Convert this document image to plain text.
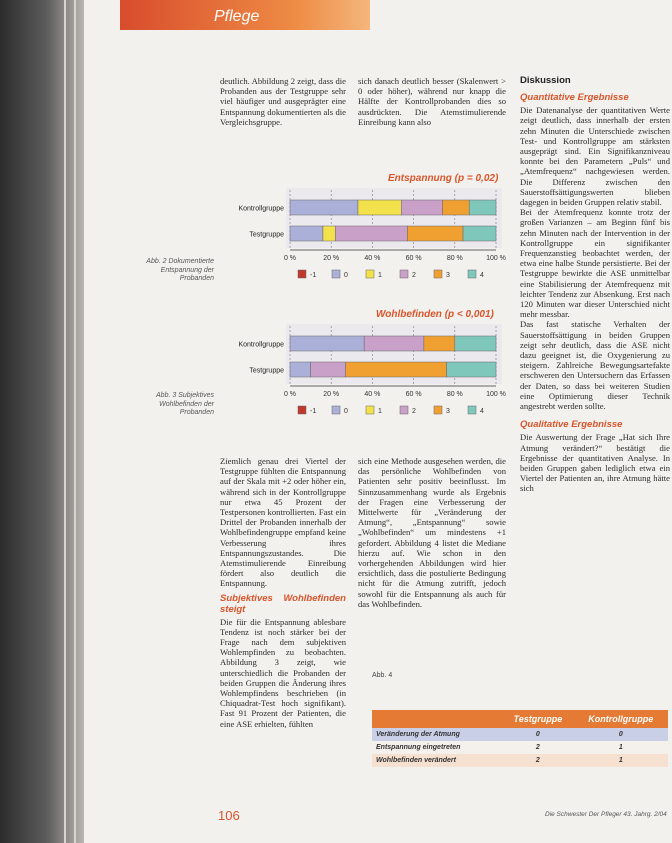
Pflege

deutlich. Abbildung 2 zeigt, dass die Probanden aus der Testgruppe sehr viel häufiger und ausgeprägter eine Entspannung dokumentierten als die Vergleichsgruppe.

sich danach deutlich besser (Skalenwert > 0 oder höher), während nur knapp die Hälfte der Kontrollprobanden dies so ausdrückten. Die Atemstimulierende Einreibung kann also

Abb. 2 Dokumentierte Entspannung der Probanden
Abb. 3 Subjektives Wohlbefinden der Probanden
Entspannung (p = 0,02)
0 %	20 %	40 %	60 %	80 %	100 %
Kontrollgruppe
Testgruppe
-1	0	1	2	3	4
Wohlbefinden (p < 0,001)
0 %	20 %	40 %	60 %	80 %	100 %
Kontrollgruppe
Testgruppe
-1	0	1	2	3	4

Ziemlich genau drei Viertel der Testgruppe fühlten die Entspannung auf der Skala mit +2 oder höher ein, während sich in der Kontrollgruppe nur etwa 45 Prozent der Testpersonen kontrollierten. Fast ein Drittel der Probanden innerhalb der Wohlbefindengruppe empfand keine Verbesserung ihres Entspannungszustandes. Die Atemstimulierende Einreibung fördert also deutlich die Entspannung.

Subjektives Wohlbefinden steigt

Die für die Entspannung ablesbare Tendenz ist noch stärker bei der Frage nach dem subjektiven Wohlempfinden zu beobachten. Abbildung 3 zeigt, wie unterschiedlich die Probanden der beiden Gruppen die Änderung ihres Wohlempfindens beschrieben (in Chiquadrat-Test hoch signifikant). Fast 91 Prozent der Patienten, die eine ASE erhielten, fühlten

sich eine Methode ausgesehen werden, die das persönliche Wohlbefinden von Patienten sehr positiv beeinflusst. Im Sinnzusammenhang wurde als Ergebnis der Fragen eine Verbesserung der Mittelwerte für „Veränderung der Atmung“, „Entspannung“ sowie „Wohlbefinden“ um mindestens +1 gefordert. Abbildung 4 listet die Mediane hierzu auf. Wie schon in den vorhergehenden Abbildungen wird hier ersichtlich, dass die postulierte Bedingung nicht für die Atmung zutrifft, jedoch sowohl für die Entspannung als auch für das Wohlbefinden.

Diskussion
Quantitative Ergebnisse

Die Datenanalyse der quantitativen Werte zeigt deutlich, dass innerhalb der ersten zehn Minuten die Unterschiede zwischen Test- und Kontrollgruppe am stärksten ausgeprägt sind. Ein Signifikanzniveau konnte bei den Parametern „Puls“ und „Atemfrequenz“ nachgewiesen werden. Die Differenz zwischen den Sauerstoffsättigungswerten blieben dagegen in beiden Gruppen relativ stabil.

Bei der Atemfrequenz konnte trotz der großen Varianzen – am Beginn fünf bis zehn Minuten nach der Intervention in der Kontrollgruppe ein signifikanter Frequenzanstieg beobachtet werden, der etwa eine halbe Stunde persistierte. Bei der Testgruppe bewirkte die ASE unmittelbar eine Stabilisierung der Atemfrequenz mit leichter Tendenz zur Absenkung. Erst nach 120 Minuten war dieser Unterschied nicht mehr messbar.

Das fast statische Verhalten der Sauerstoffsättigung in beiden Gruppen zeigt sehr deutlich, dass die ASE nicht dazu geeignet ist, die Oxygenierung zu steigern. Zahlreiche Bewegungsartefakte erschweren den Untersuchern das Erfassen der Daten, so dass bei weiteren Studien eine Optimierung dieser Technik angestrebt werden sollte.

Qualitative Ergebnisse

Die Auswertung der Frage „Hat sich Ihre Atmung verändert?“ bestätigt die Ergebnisse der quantitativen Analyse. In beiden Gruppen gaben lediglich etwa ein Viertel der Patienten an, ihre Atmung hätte sich

Abb. 4
	Testgruppe	Kontrollgruppe
Veränderung der Atmung	0	0
Entspannung eingetreten	2	1
Wohlbefinden verändert	2	1
106	Die Schwester Der Pfleger 43. Jahrg. 2/04
